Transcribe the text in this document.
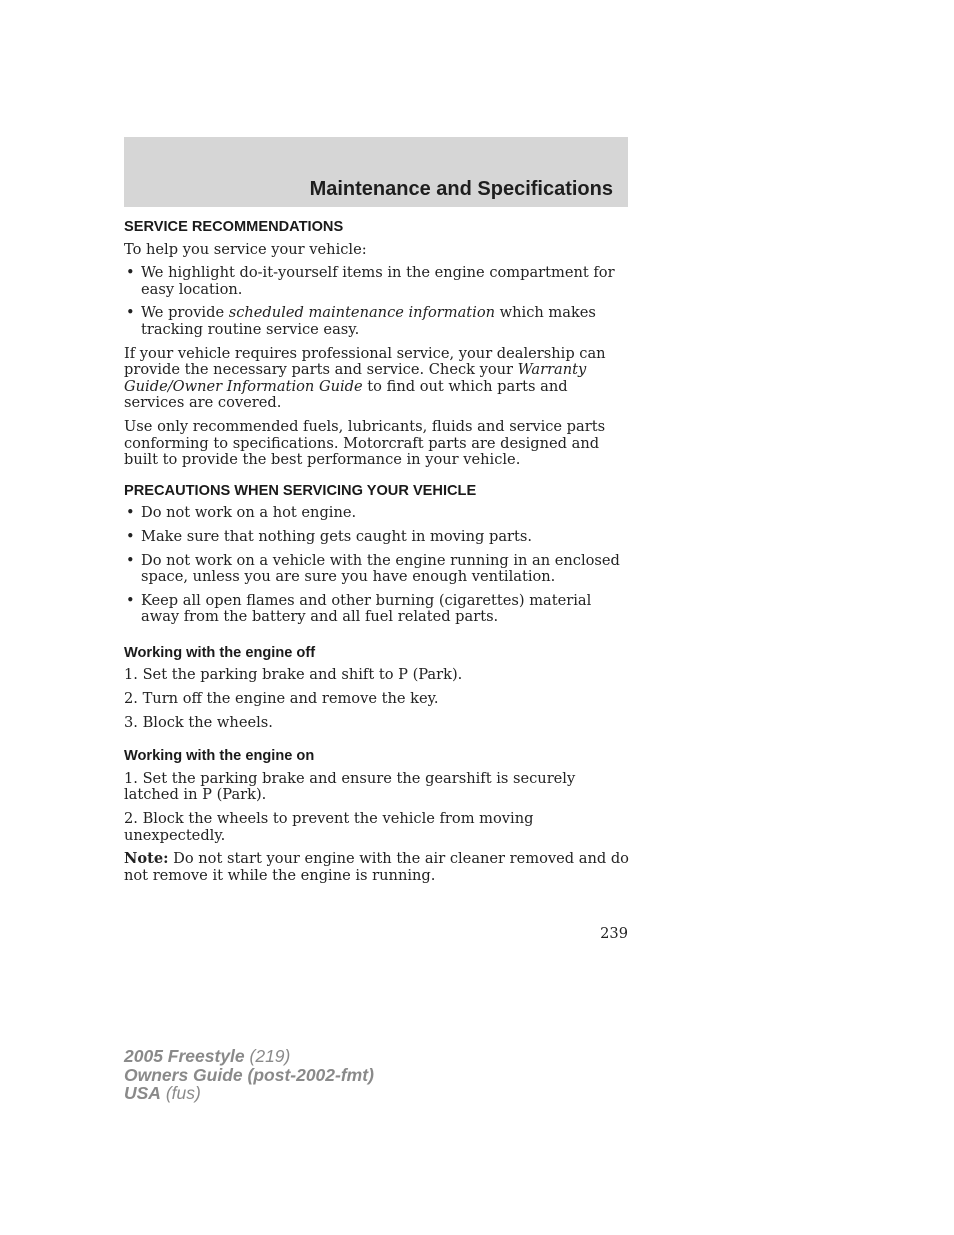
Maintenance and Specifications
SERVICE RECOMMENDATIONS

To help you service your vehicle:

• We highlight do-it-yourself items in the engine compartment for easy location.
• We provide scheduled maintenance information which makes tracking routine service easy.

If your vehicle requires professional service, your dealership can provide the necessary parts and service. Check your Warranty Guide/Owner Information Guide to find out which parts and services are covered.

Use only recommended fuels, lubricants, fluids and service parts conforming to specifications. Motorcraft parts are designed and built to provide the best performance in your vehicle.

PRECAUTIONS WHEN SERVICING YOUR VEHICLE
• Do not work on a hot engine.
• Make sure that nothing gets caught in moving parts.
• Do not work on a vehicle with the engine running in an enclosed space, unless you are sure you have enough ventilation.
• Keep all open flames and other burning (cigarettes) material away from the battery and all fuel related parts.
Working with the engine off

1. Set the parking brake and shift to P (Park).

2. Turn off the engine and remove the key.

3. Block the wheels.

Working with the engine on

1. Set the parking brake and ensure the gearshift is securely latched in P (Park).

2. Block the wheels to prevent the vehicle from moving unexpectedly.

Note: Do not start your engine with the air cleaner removed and do not remove it while the engine is running.

239
2005 Freestyle (219)
Owners Guide (post-2002-fmt)
USA (fus)
